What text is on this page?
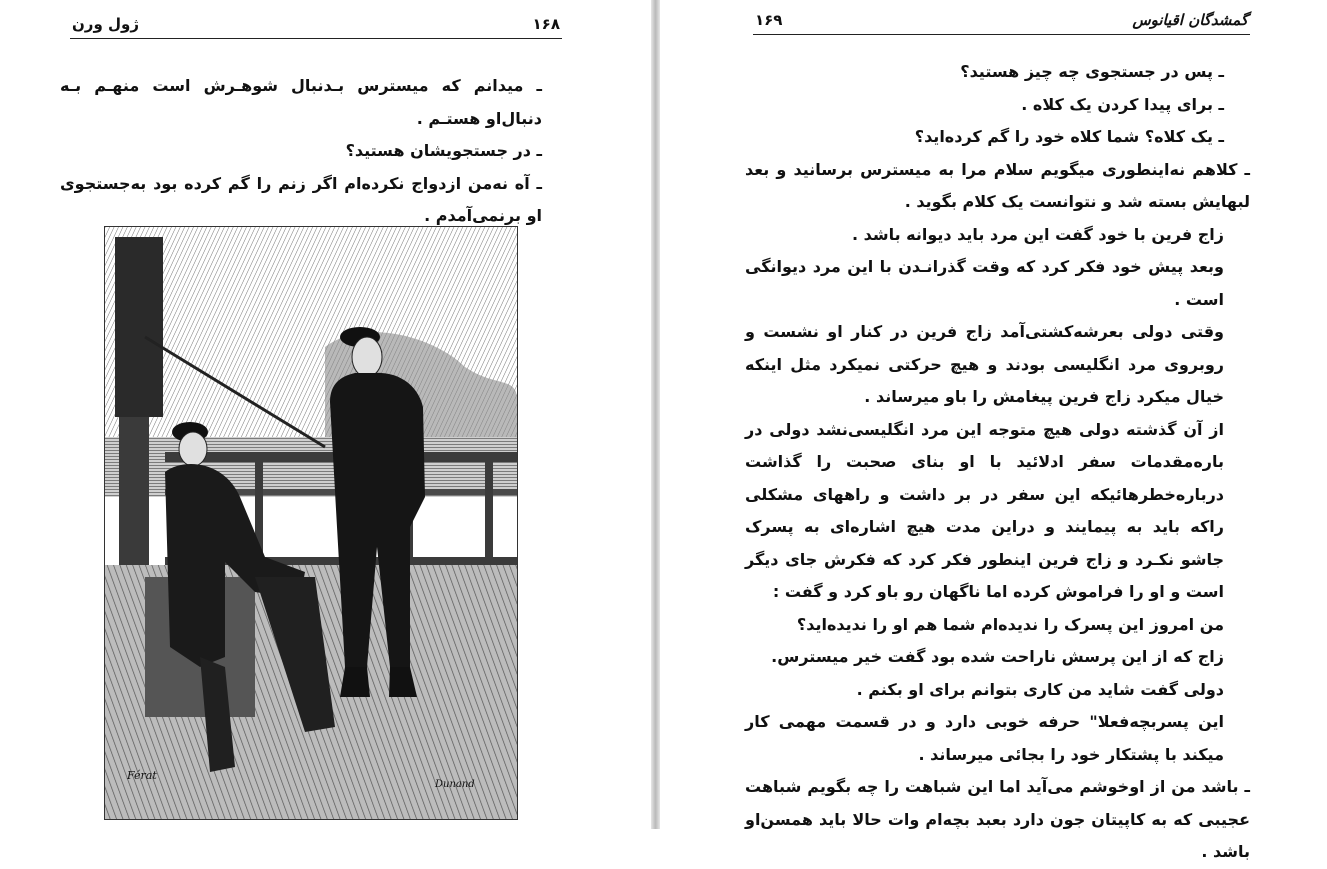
ژول ورن	۱۶۸

ـ میدانم که میسترس بـدنبال شوهـرش است منهـم بـه دنبال‌او هستـم .

ـ در جستجویشان هستید؟

ـ آه نه‌من ازدواج نکرده‌ام اگر زنم را گم کرده بود به‌جستجوی او برنمی‌آمدم .

Férat
Dunand
۱۶۹	گمشدگان اقیانوس

ـ پس در جستجوی چه چیز هستید؟

ـ برای پیدا کردن یک کلاه .

ـ یک کلاه؟ شما کلاه خود را گم کرده‌اید؟

ـ کلاهم نه‌اینطوری میگویم سلام مرا به میسترس برسانید و بعد لبهایش بسته شد و نتوانست یک کلام بگوید .

زاج فرین با خود گفت این مرد باید دیوانه باشد .

وبعد پیش خود فکر کرد که وقت گذرانـدن با این مرد دیوانگی است .

وقتی دولی بعرشه‌کشتی‌آمد زاج فرین در کنار او نشست و روبروی مرد انگلیسی بودند و هیچ حرکتی نمیکرد مثل اینکه خیال میکرد زاج فرین پیغامش را باو میرساند .

از آن گذشته دولی هیچ متوجه این مرد انگلیسی‌نشد دولی در باره‌مقدمات سفر ادلائید با او بنای صحبت را گذاشت درباره‌خطرهائیکه این سفر در بر داشت و راههای مشکلی راکه باید به پیمایند و دراین مدت هیچ اشاره‌ای به پسرک جاشو نکـرد و زاج فرین اینطور فکر کرد که فکرش جای دیگر است و او را فراموش کرده اما ناگهان رو باو کرد و گفت :

من امروز این پسرک را ندیده‌ام شما هم او را ندیده‌اید؟

زاج که از این پرسش ناراحت شده بود گفت خیر میسترس.

دولی گفت شاید من کاری بتوانم برای او بکنم .

این پسربچه‌فعلا" حرفه خوبی دارد و در قسمت مهمی کار میکند با پشتکار خود را بجائی میرساند .

ـ باشد من از اوخوشم می‌آید اما این شباهت را چه بگویم شباهت عجیبی که به کاپیتان جون دارد بعبد بچه‌ام وات حالا باید همسن‌او باشد .
